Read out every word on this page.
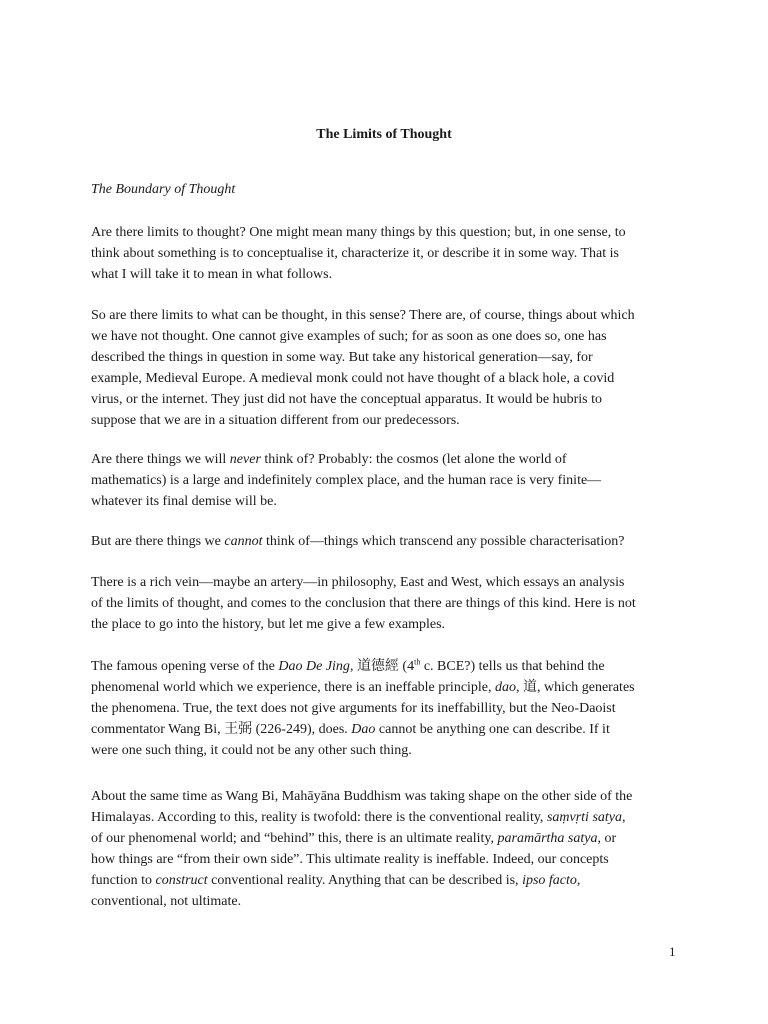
The Limits of Thought
The Boundary of Thought
Are there limits to thought? One might mean many things by this question; but, in one sense, to
think about something is to conceptualise it, characterize it, or describe it in some way. That is
what I will take it to mean in what follows.
So are there limits to what can be thought, in this sense? There are, of course, things about which
we have not thought. One cannot give examples of such; for as soon as one does so, one has
described the things in question in some way. But take any historical generation—say, for
example, Medieval Europe. A medieval monk could not have thought of a black hole, a covid
virus, or the internet. They just did not have the conceptual apparatus. It would be hubris to
suppose that we are in a situation different from our predecessors.
Are there things we will never think of? Probably: the cosmos (let alone the world of
mathematics) is a large and indefinitely complex place, and the human race is very finite—
whatever its final demise will be.
But are there things we cannot think of—things which transcend any possible characterisation?
There is a rich vein—maybe an artery—in philosophy, East and West, which essays an analysis
of the limits of thought, and comes to the conclusion that there are things of this kind. Here is not
the place to go into the history, but let me give a few examples.
The famous opening verse of the Dao De Jing, 道德經 (4th c. BCE?) tells us that behind the
phenomenal world which we experience, there is an ineffable principle, dao, 道, which generates
the phenomena. True, the text does not give arguments for its ineffabillity, but the Neo-Daoist
commentator Wang Bi, 王弼 (226-249), does. Dao cannot be anything one can describe. If it
were one such thing, it could not be any other such thing.
About the same time as Wang Bi, Mahāyāna Buddhism was taking shape on the other side of the
Himalayas. According to this, reality is twofold: there is the conventional reality, saṃvṛti satya,
of our phenomenal world; and “behind” this, there is an ultimate reality, paramārtha satya, or
how things are “from their own side”. This ultimate reality is ineffable. Indeed, our concepts
function to construct conventional reality. Anything that can be described is, ipso facto,
conventional, not ultimate.
1
